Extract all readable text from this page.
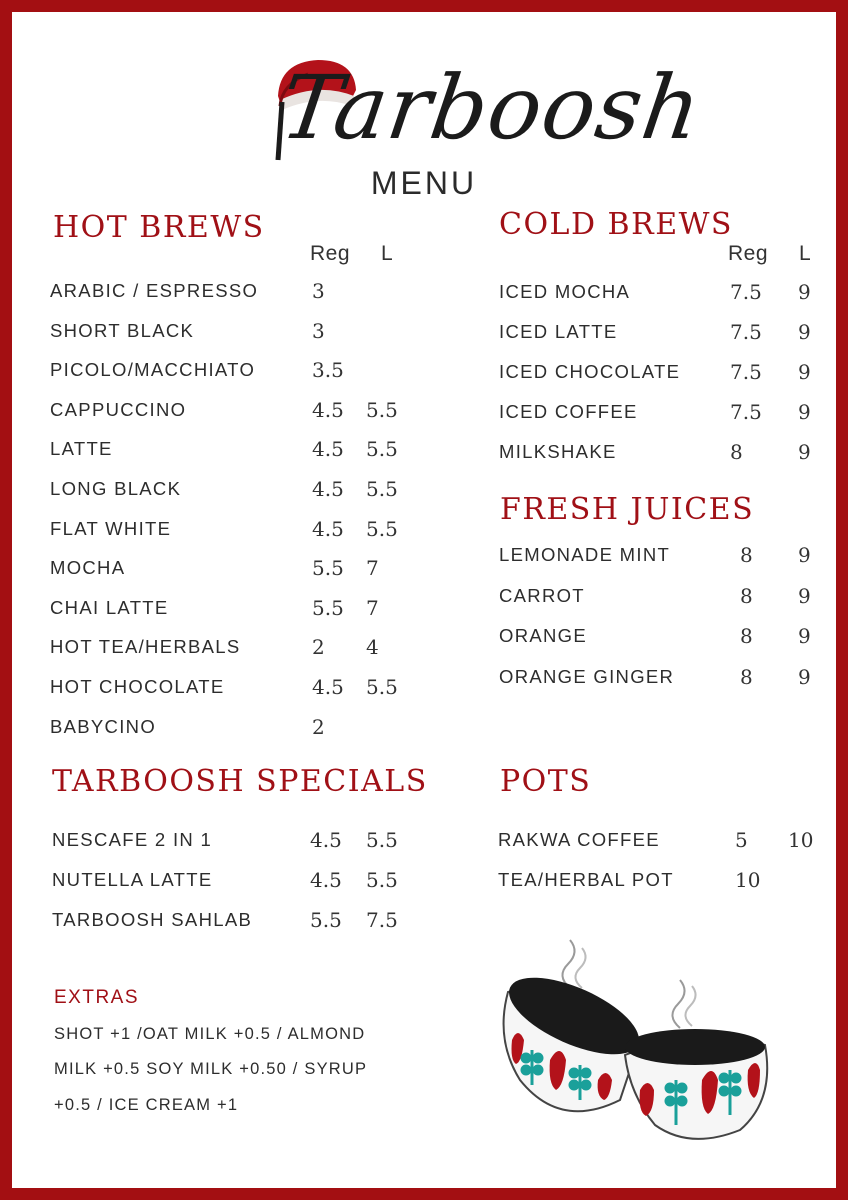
Tarboosh
MENU
HOT BREWS
Reg L
ARABIC / ESPRESSO	3
SHORT BLACK	3
PICOLO/MACCHIATO	3.5
CAPPUCCINO	4.5 5.5
LATTE	4.5 5.5
LONG BLACK	4.5 5.5
FLAT WHITE	4.5 5.5
MOCHA	5.5 7
CHAI LATTE	5.5 7
HOT TEA/HERBALS	2 4
HOT CHOCOLATE	4.5 5.5
BABYCINO	2
COLD BREWS
Reg L
ICED MOCHA	7.5 9
ICED LATTE	7.5 9
ICED CHOCOLATE 7.5 9
ICED COFFEE	7.5 9
MILKSHAKE	8	9
FRESH JUICES
LEMONADE MINT	8 9
CARROT	8 9
ORANGE	8 9
ORANGE GINGER	8 9
TARBOOSH SPECIALS
NESCAFE 2 IN 1	4.5 5.5
NUTELLA LATTE	4.5 5.5
TARBOOSH SAHLAB	5.5 7.5
POTS
RAKWA COFFEE	5 10
TEA/HERBAL POT	10
EXTRAS
SHOT +1 /OAT MILK +0.5 / ALMOND
MILK +0.5 SOY MILK +0.50 / SYRUP
+0.5 / ICE CREAM +1
